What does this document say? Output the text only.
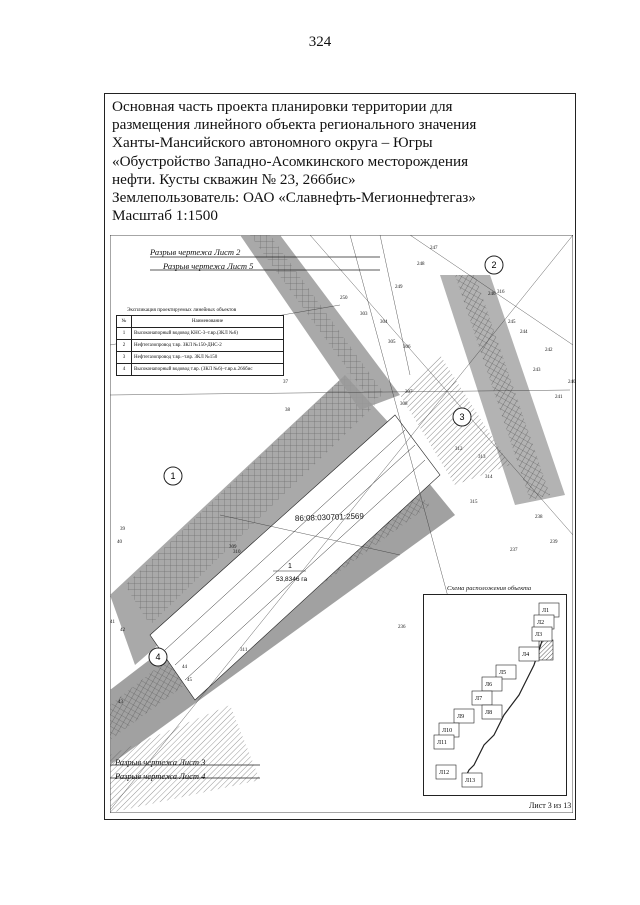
324
Основная часть проекта планировки территории для
размещения линейного объекта регионального значения
Ханты-Мансийского автономного округа – Югры
«Обустройство Западно-Асомкинского месторождения
нефти. Кусты скважин № 23, 266бис»
Землепользователь: ОАО «Славнефть-Мегионнефтегаз»
Масштаб 1:1500
1
2
3
4
86:08:030701:2569
1
53,8346 га
Разрыв чертежа Лист 2
Разрыв чертежа Лист 5
Разрыв чертежа Лист 3
Разрыв чертежа Лист 4
Экспликация проектируемых линейных объектов
№	Наименование
1	Высоконапорный водовод КНС-3–т.вр.(ЗКЛ №6)
2	Нефтегазопровод т.вр. ЗКЛ №150-ДНС-2
3	Нефтегазопровод т.вр.–т.вр. ЗКЛ №150
4	Высоконапорный водовод т.вр. (ЗКЛ №6)–т.вр.к.266бис
Схема расположения объекта
Л1
Л2
Л3
Л4
Л5
Л6
Л7
Л8
Л9
Л10
Л11
Л12
Л13
247
248
249
250
303
304
305
306
307
308
309
310
311
312
313
314
315
316
37
38
39
40
41
42
43
44
45
236
237
238
239
240
241
242
243
244
245
246
Лист 3 из 13
